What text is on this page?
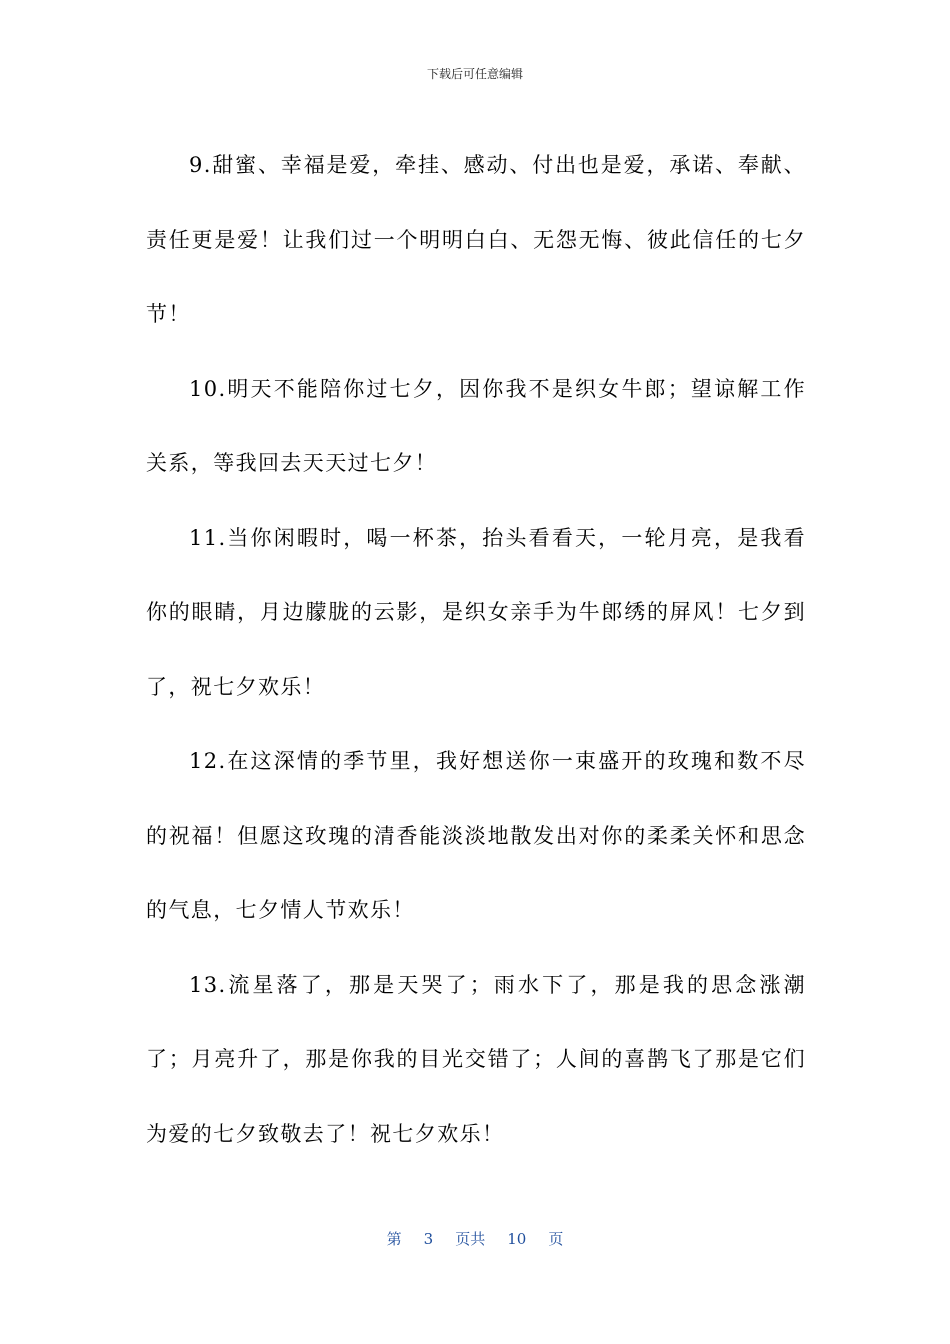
下载后可任意编辑

9.甜蜜、幸福是爱，牵挂、感动、付出也是爱，承诺、奉献、责任更是爱！让我们过一个明明白白、无怨无悔、彼此信任的七夕节！

10.明天不能陪你过七夕，因你我不是织女牛郎；望谅解工作关系，等我回去天天过七夕！

11.当你闲暇时，喝一杯茶，抬头看看天，一轮月亮，是我看你的眼睛，月边朦胧的云影，是织女亲手为牛郎绣的屏风！七夕到了，祝七夕欢乐！

12.在这深情的季节里，我好想送你一束盛开的玫瑰和数不尽的祝福！但愿这玫瑰的清香能淡淡地散发出对你的柔柔关怀和思念的气息，七夕情人节欢乐！

13.流星落了，那是天哭了；雨水下了，那是我的思念涨潮了；月亮升了，那是你我的目光交错了；人间的喜鹊飞了那是它们为爱的七夕致敬去了！祝七夕欢乐！

第 3 页共 10 页
